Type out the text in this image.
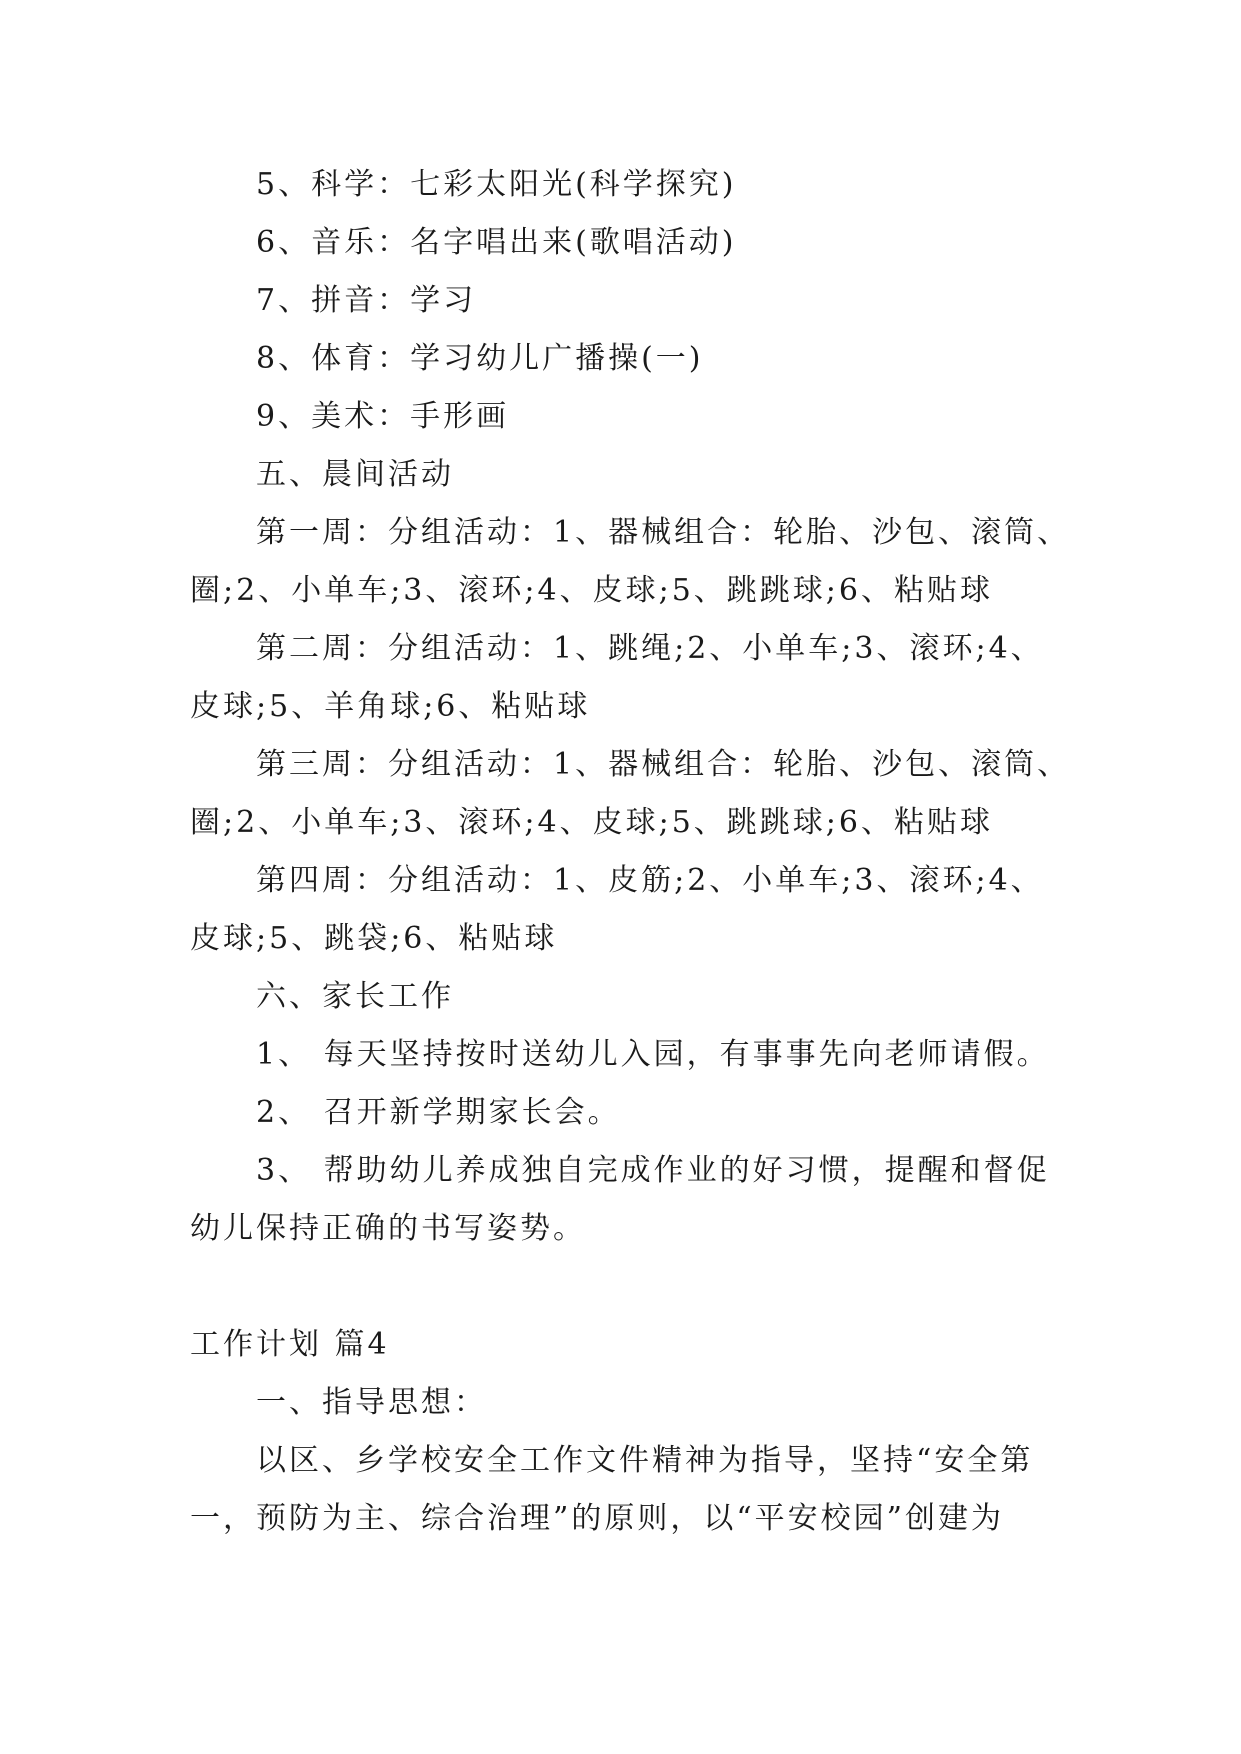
5、科学：七彩太阳光(科学探究)
6、音乐：名字唱出来(歌唱活动)
7、拼音：学习
8、体育：学习幼儿广播操(一)
9、美术：手形画
五、晨间活动
第一周：分组活动：1、器械组合：轮胎、沙包、滚筒、
圈;2、小单车;3、滚环;4、皮球;5、跳跳球;6、粘贴球
第二周：分组活动：1、跳绳;2、小单车;3、滚环;4、
皮球;5、羊角球;6、粘贴球
第三周：分组活动：1、器械组合：轮胎、沙包、滚筒、
圈;2、小单车;3、滚环;4、皮球;5、跳跳球;6、粘贴球
第四周：分组活动：1、皮筋;2、小单车;3、滚环;4、
皮球;5、跳袋;6、粘贴球
六、家长工作
1、 每天坚持按时送幼儿入园，有事事先向老师请假。
2、 召开新学期家长会。
3、 帮助幼儿养成独自完成作业的好习惯，提醒和督促
幼儿保持正确的书写姿势。
工作计划 篇4
一、指导思想：
以区、乡学校安全工作文件精神为指导，坚持“安全第
一，预防为主、综合治理”的原则，以“平安校园”创建为
